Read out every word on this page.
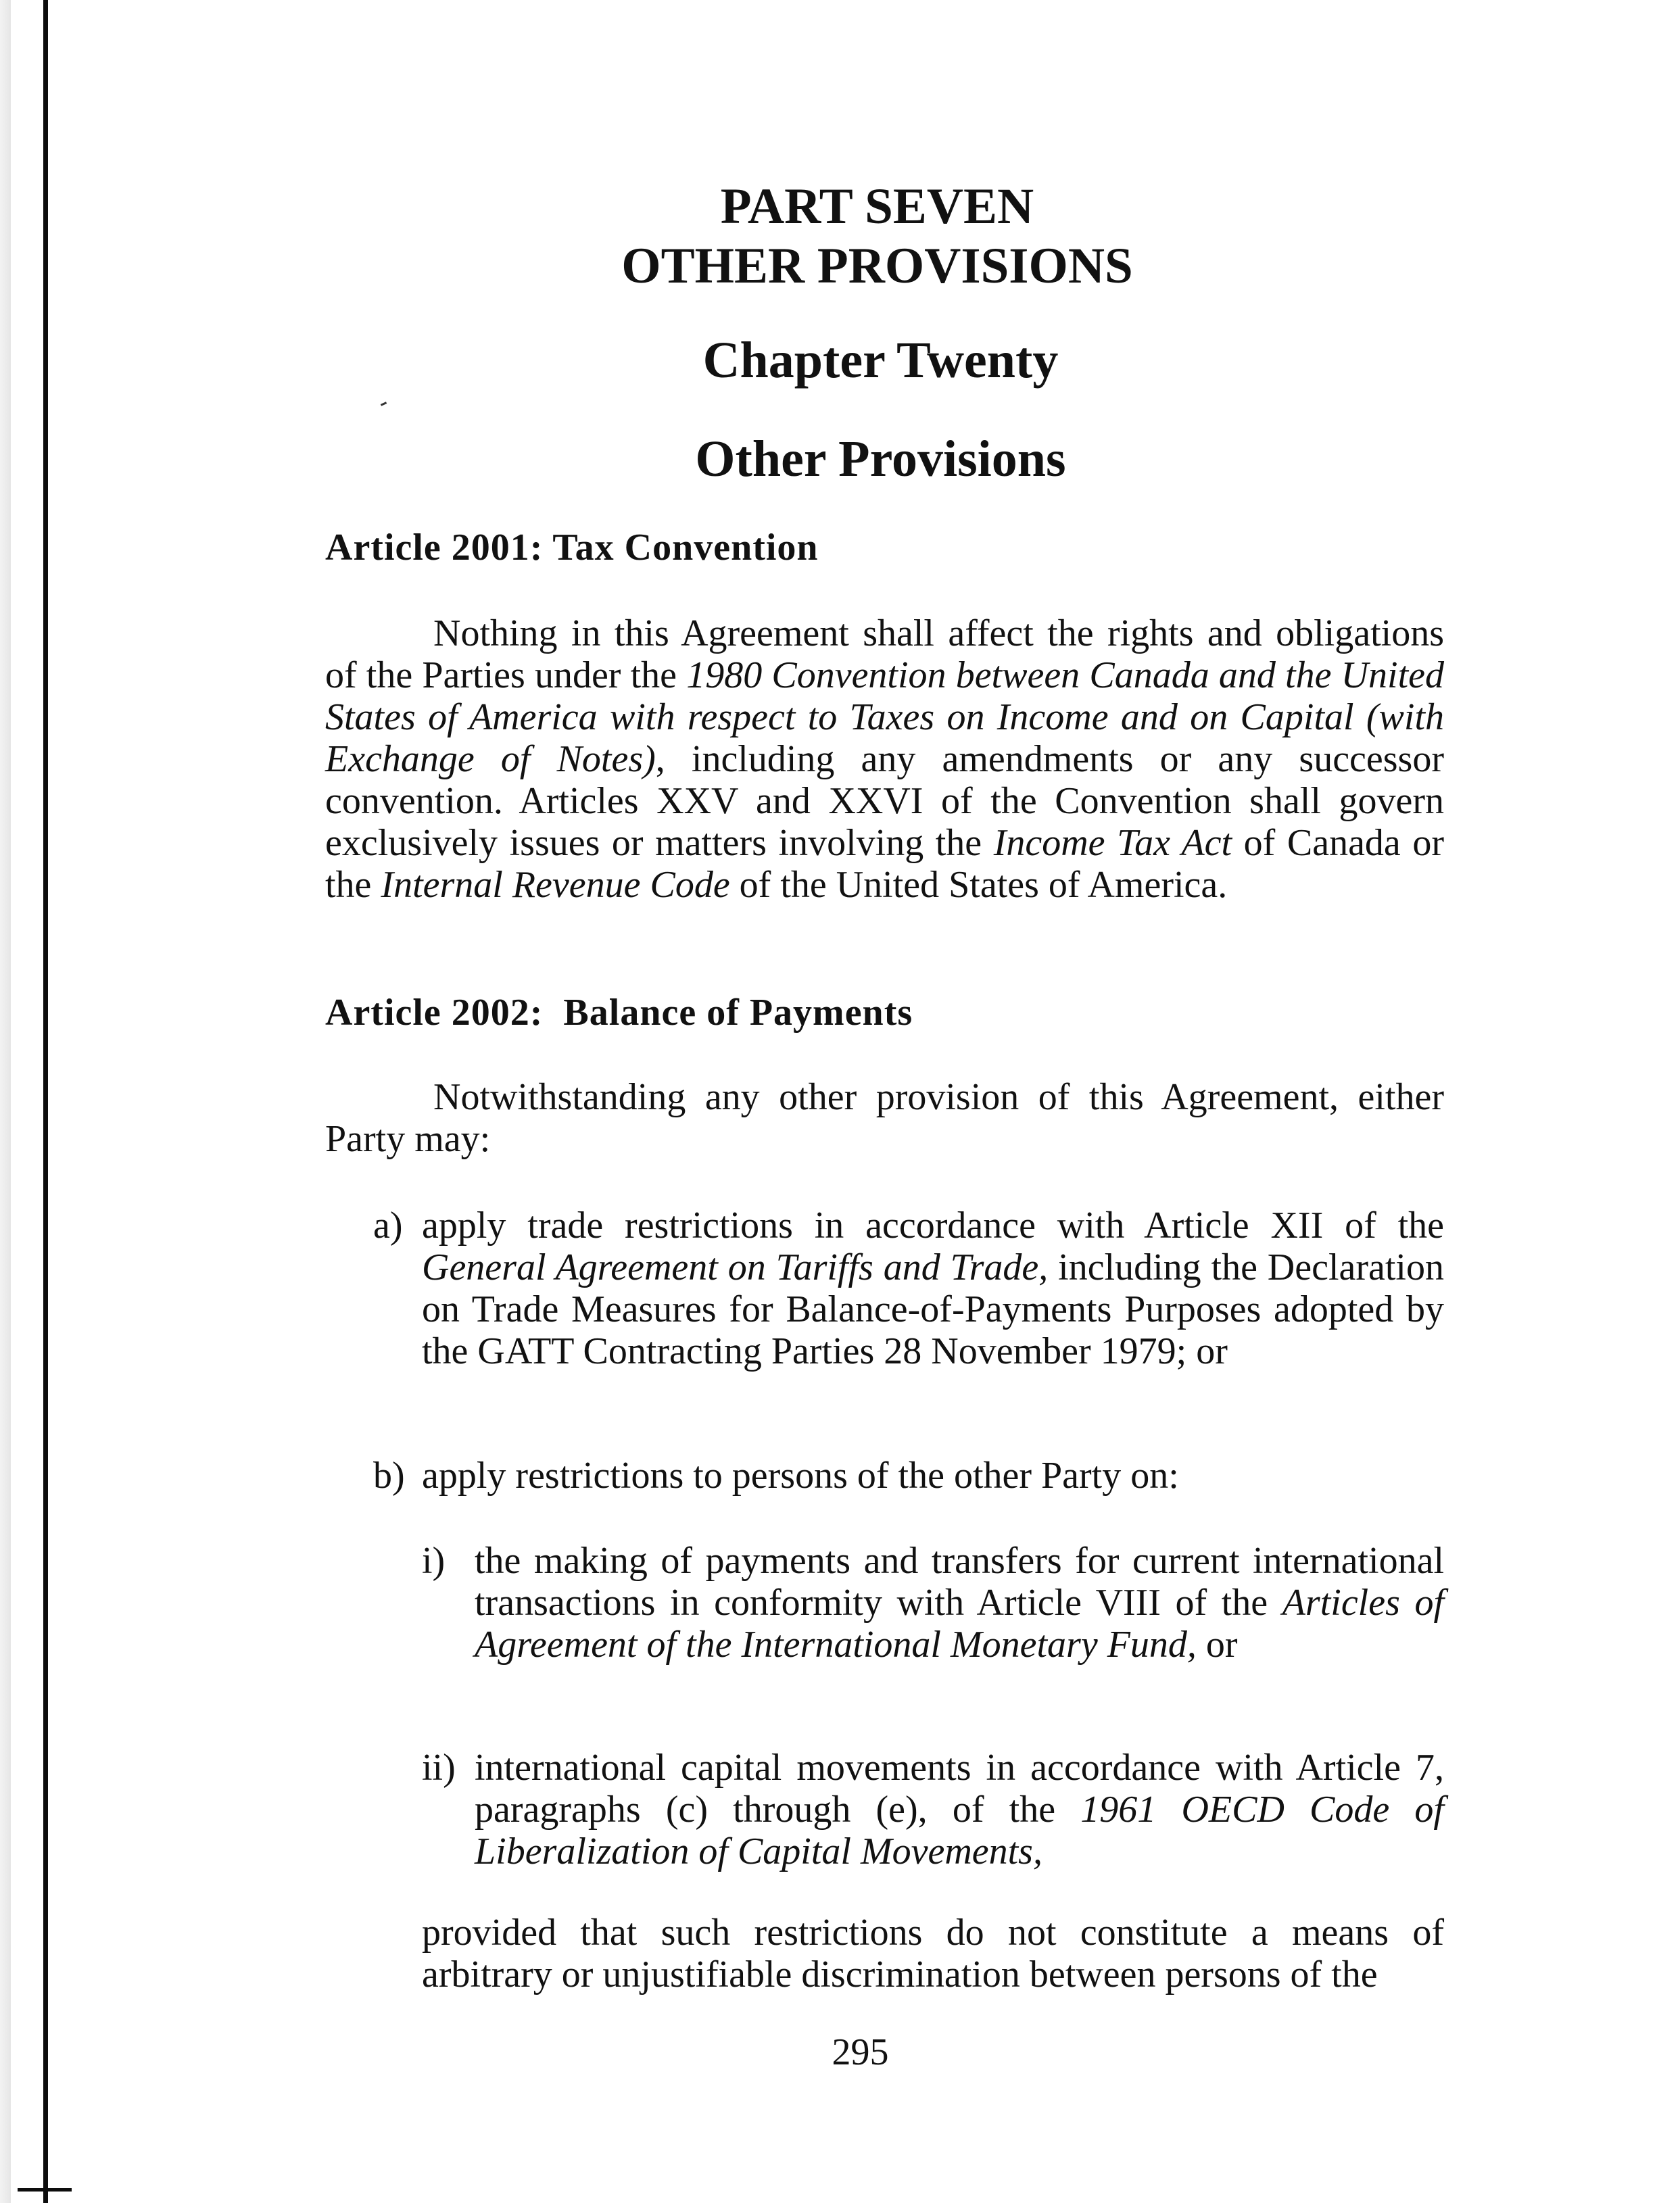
PART SEVEN
OTHER PROVISIONS
Chapter Twenty
Other Provisions
Article 2001: Tax Convention
Nothing in this Agreement shall affect the rights and obligations of the Parties under the 1980 Convention between Canada and the United States of America with respect to Taxes on Income and on Capital (with Exchange of Notes), including any amendments or any successor convention. Articles XXV and XXVI of the Convention shall govern exclusively issues or matters involving the Income Tax Act of Canada or the Internal Revenue Code of the United States of America.
Article 2002:  Balance of Payments
Notwithstanding any other provision of this Agreement, either Party may:
a) apply trade restrictions in accordance with Article XII of the General Agreement on Tariffs and Trade, including the Declaration on Trade Measures for Balance-of-Payments Purposes adopted by the GATT Contracting Parties 28 November 1979; or
b) apply restrictions to persons of the other Party on:
i) the making of payments and transfers for current international transactions in conformity with Article VIII of the Articles of Agreement of the International Monetary Fund, or
ii) international capital movements in accordance with Article 7, paragraphs (c) through (e), of the 1961 OECD Code of Liberalization of Capital Movements,
provided that such restrictions do not constitute a means of arbitrary or unjustifiable discrimination between persons of the
295
